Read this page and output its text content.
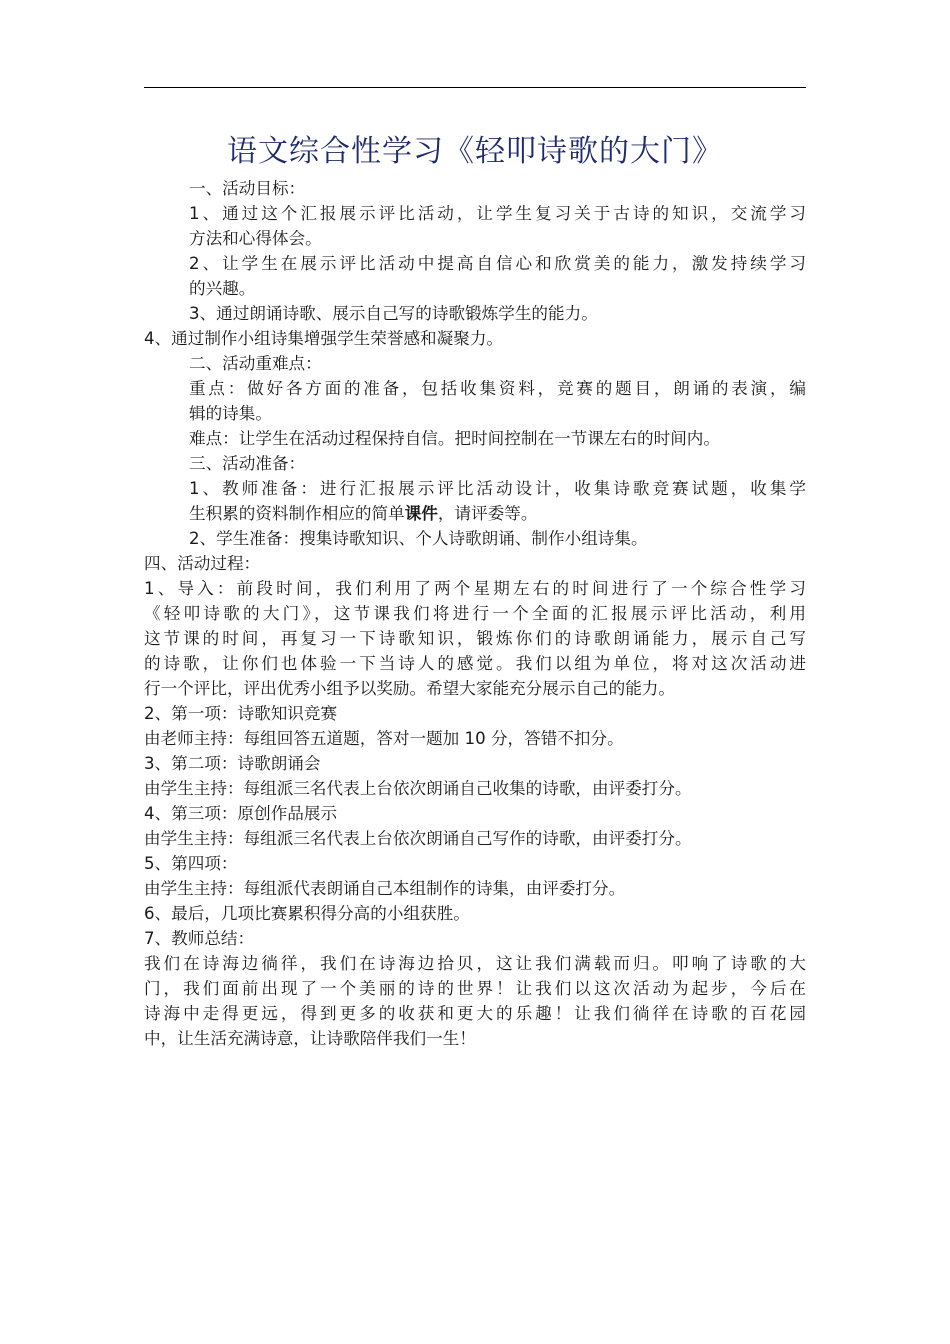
语文综合性学习《轻叩诗歌的大门》
一、活动目标：
1、通过这个汇报展示评比活动，让学生复习关于古诗的知识，交流学习
方法和心得体会。
2、让学生在展示评比活动中提高自信心和欣赏美的能力，激发持续学习
的兴趣。
3、通过朗诵诗歌、展示自己写的诗歌锻炼学生的能力。
4、通过制作小组诗集增强学生荣誉感和凝聚力。
二、活动重难点：
重点：做好各方面的准备，包括收集资料，竞赛的题目，朗诵的表演，编
辑的诗集。
难点：让学生在活动过程保持自信。把时间控制在一节课左右的时间内。
三、活动准备：
1、教师准备：进行汇报展示评比活动设计，收集诗歌竞赛试题，收集学
生积累的资料制作相应的简单课件，请评委等。
2、学生准备：搜集诗歌知识、个人诗歌朗诵、制作小组诗集。
四、活动过程：
1、导入：前段时间，我们利用了两个星期左右的时间进行了一个综合性学习
《轻叩诗歌的大门》，这节课我们将进行一个全面的汇报展示评比活动，利用
这节课的时间，再复习一下诗歌知识，锻炼你们的诗歌朗诵能力，展示自己写
的诗歌，让你们也体验一下当诗人的感觉。我们以组为单位，将对这次活动进
行一个评比，评出优秀小组予以奖励。希望大家能充分展示自己的能力。
2、第一项：诗歌知识竞赛
由老师主持：每组回答五道题，答对一题加 10 分，答错不扣分。
3、第二项：诗歌朗诵会
由学生主持：每组派三名代表上台依次朗诵自己收集的诗歌，由评委打分。
4、第三项：原创作品展示
由学生主持：每组派三名代表上台依次朗诵自己写作的诗歌，由评委打分。
5、第四项：
由学生主持：每组派代表朗诵自己本组制作的诗集，由评委打分。
6、最后，几项比赛累积得分高的小组获胜。
7、教师总结：
我们在诗海边徜徉，我们在诗海边拾贝，这让我们满载而归。叩响了诗歌的大
门，我们面前出现了一个美丽的诗的世界！让我们以这次活动为起步，今后在
诗海中走得更远，得到更多的收获和更大的乐趣！让我们徜徉在诗歌的百花园
中，让生活充满诗意，让诗歌陪伴我们一生！
